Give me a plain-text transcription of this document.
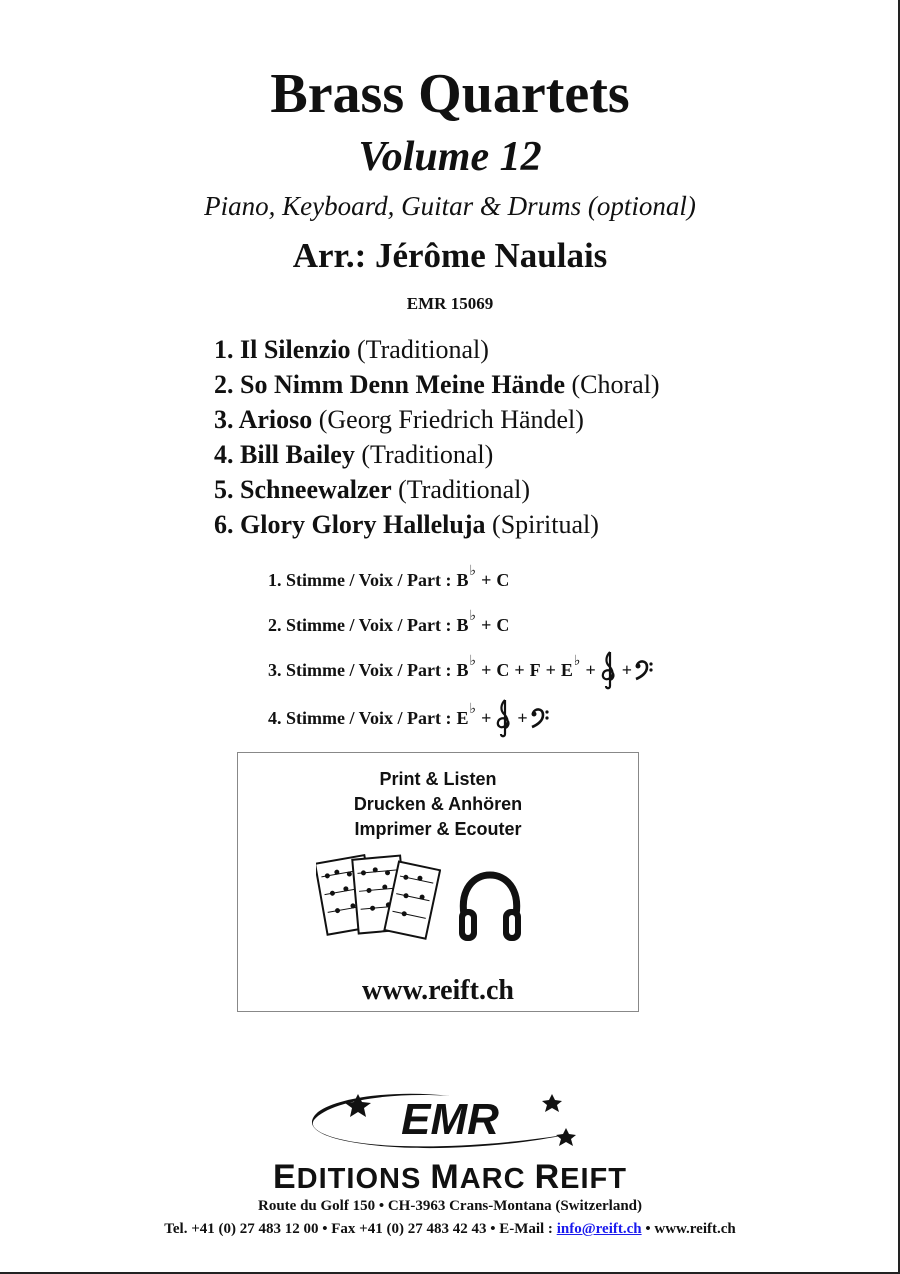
Brass Quartets
Volume 12
Piano, Keyboard, Guitar & Drums (optional)
Arr.: Jérôme Naulais
EMR 15069
1. Il Silenzio (Traditional)
2. So Nimm Denn Meine Hände (Choral)
3. Arioso (Georg Friedrich Händel)
4. Bill Bailey (Traditional)
5. Schneewalzer (Traditional)
6. Glory Glory Halleluja (Spiritual)
1. Stimme / Voix / Part : B ♭ + C
2. Stimme / Voix / Part : B ♭ + C
3. Stimme / Voix / Part : B ♭ + C + F + E ♭ + +
4. Stimme / Voix / Part : E ♭ + +
Print & Listen
Drucken & Anhören
Imprimer & Ecouter
www.reift.ch
EMR
EDITIONS MARC REIFT
Route du Golf 150 • CH-3963 Crans-Montana (Switzerland)
Tel. +41 (0) 27 483 12 00 • Fax +41 (0) 27 483 42 43 • E-Mail : info@reift.ch • www.reift.ch
